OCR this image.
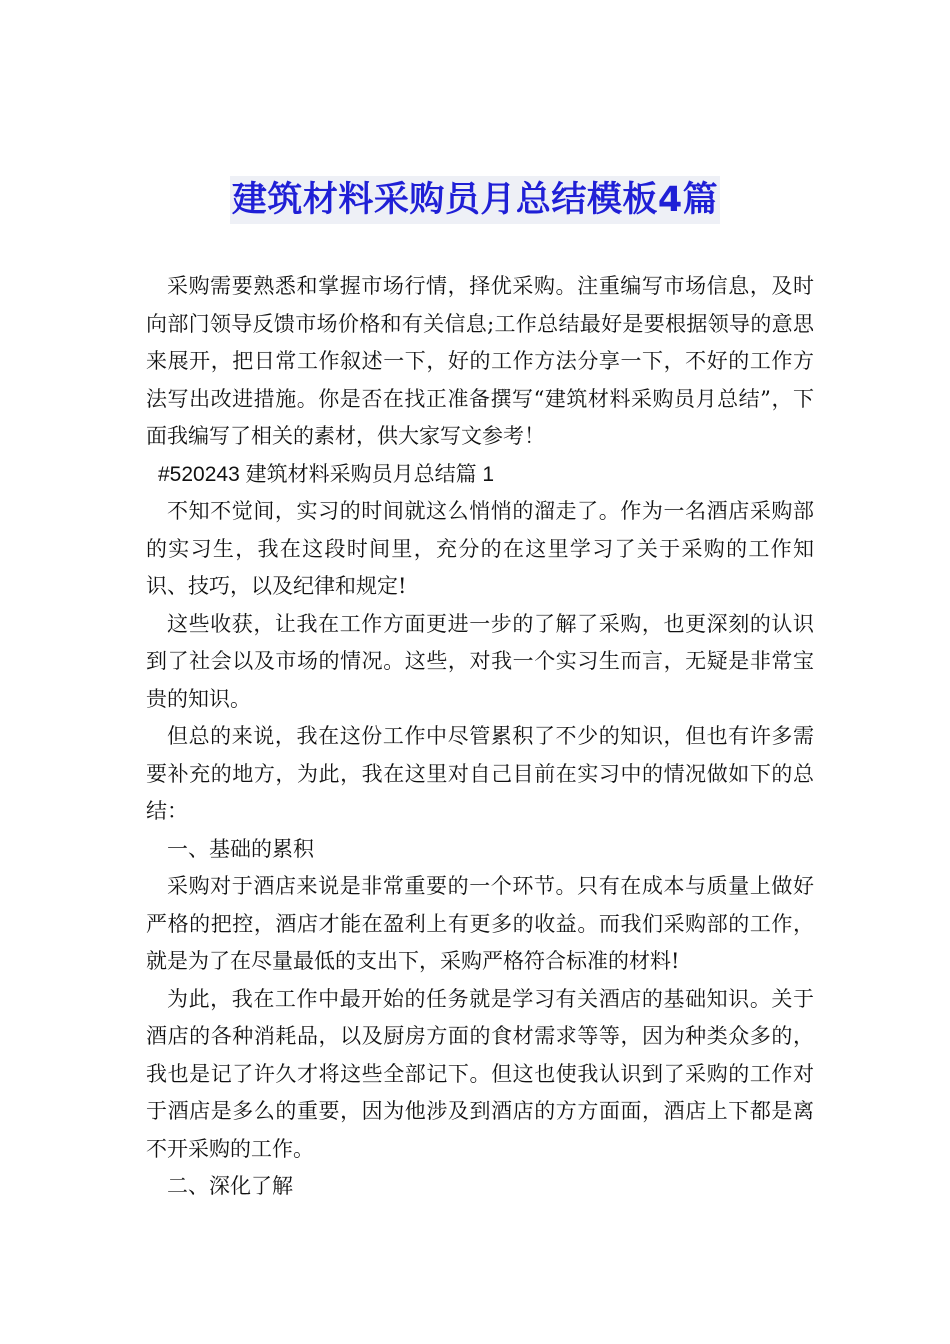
建筑材料采购员月总结模板4篇

采购需要熟悉和掌握市场行情，择优采购。注重编写市场信息，及时向部门领导反馈市场价格和有关信息;工作总结最好是要根据领导的意思来展开，把日常工作叙述一下，好的工作方法分享一下，不好的工作方法写出改进措施。你是否在找正准备撰写“建筑材料采购员月总结”，下面我编写了相关的素材，供大家写文参考！

#520243 建筑材料采购员月总结篇 1

不知不觉间，实习的时间就这么悄悄的溜走了。作为一名酒店采购部的实习生，我在这段时间里，充分的在这里学习了关于采购的工作知识、技巧，以及纪律和规定!

这些收获，让我在工作方面更进一步的了解了采购，也更深刻的认识到了社会以及市场的情况。这些，对我一个实习生而言，无疑是非常宝贵的知识。

但总的来说，我在这份工作中尽管累积了不少的知识，但也有许多需要补充的地方，为此，我在这里对自己目前在实习中的情况做如下的总结：

一、基础的累积

采购对于酒店来说是非常重要的一个环节。只有在成本与质量上做好严格的把控，酒店才能在盈利上有更多的收益。而我们采购部的工作，就是为了在尽量最低的支出下，采购严格符合标准的材料!

为此，我在工作中最开始的任务就是学习有关酒店的基础知识。关于酒店的各种消耗品，以及厨房方面的食材需求等等，因为种类众多的，我也是记了许久才将这些全部记下。但这也使我认识到了采购的工作对于酒店是多么的重要，因为他涉及到酒店的方方面面，酒店上下都是离不开采购的工作。

二、深化了解
